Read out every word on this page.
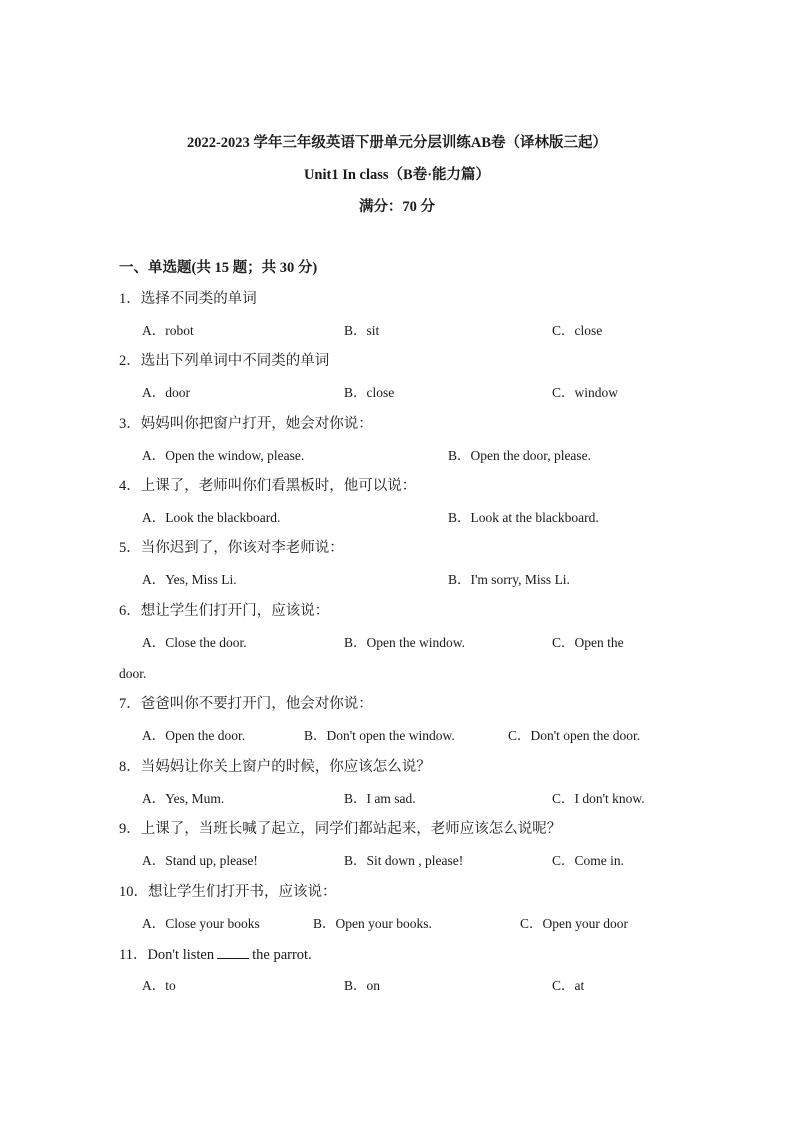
2022-2023 学年三年级英语下册单元分层训练AB卷（译林版三起）
Unit1 In class（B卷·能力篇）
满分：70 分
一、单选题(共 15 题；共 30 分)
1．选择不同类的单词
A．robot	B．sit	C．close
2．选出下列单词中不同类的单词
A．door	B．close	C．window
3．妈妈叫你把窗户打开，她会对你说：
A．Open the window, please.	B．Open the door, please.
4．上课了，老师叫你们看黑板时，他可以说：
A．Look the blackboard.	B．Look at the blackboard.
5．当你迟到了，你该对李老师说：
A．Yes, Miss Li.	B．I'm sorry, Miss Li.
6．想让学生们打开门，应该说：
A．Close the door.	B．Open the window.	C．Open the
door.
7．爸爸叫你不要打开门，他会对你说：
A．Open the door.	B．Don't open the window.	C．Don't open the door.
8．当妈妈让你关上窗户的时候，你应该怎么说？
A．Yes, Mum.	B．I am sad.	C．I don't know.
9．上课了，当班长喊了起立，同学们都站起来，老师应该怎么说呢？
A．Stand up, please!	B．Sit down , please!	C．Come in.
10．想让学生们打开书，应该说：
A．Close your books	B．Open your books.	C．Open your door
11．Don't listen	the parrot.
A．to	B．on	C．at
